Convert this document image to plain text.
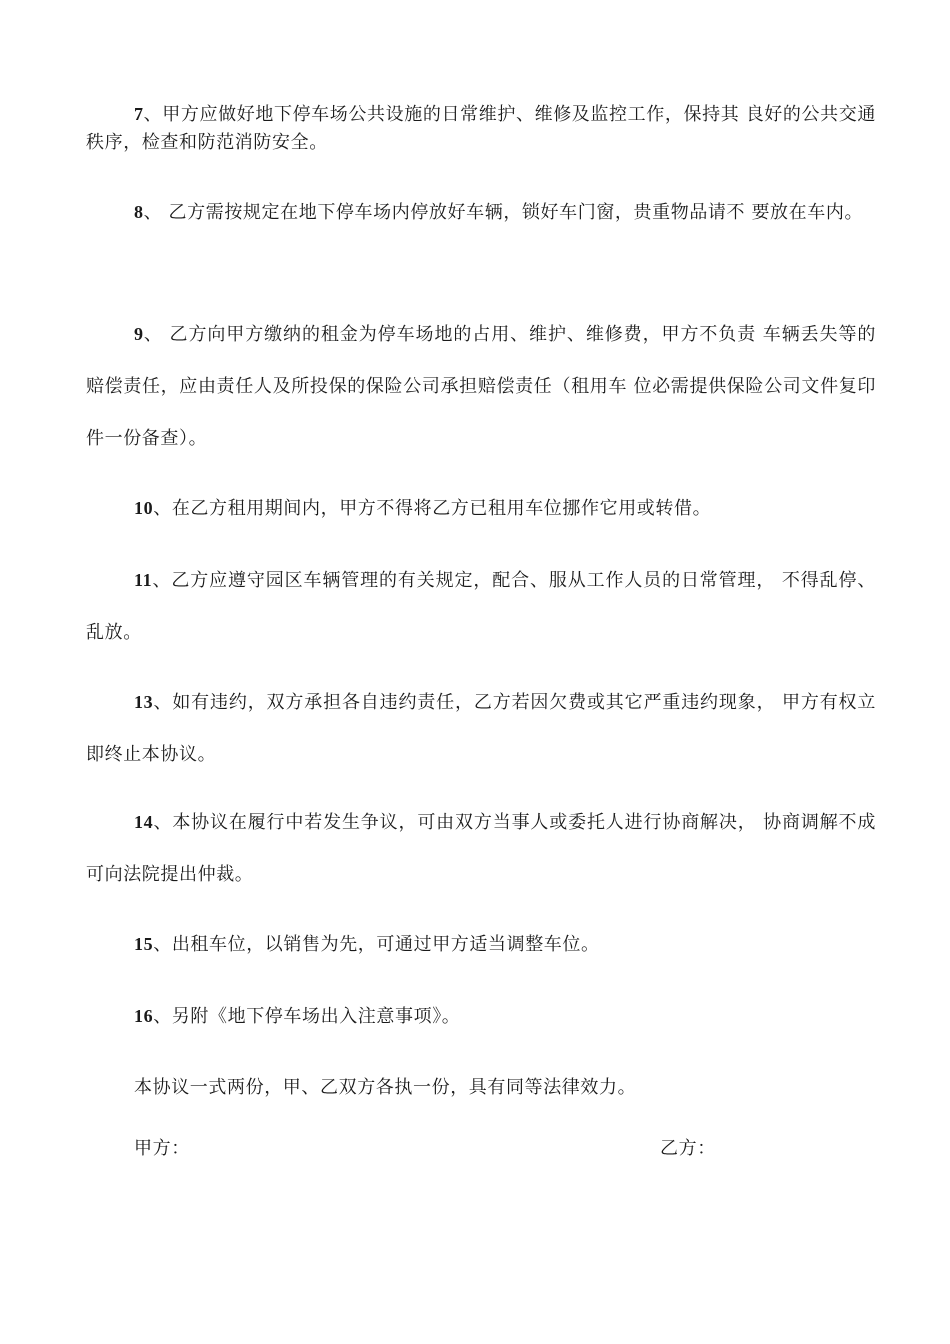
7、甲方应做好地下停车场公共设施的日常维护、维修及监控工作，保持其 良好的公共交通秩序，检查和防范消防安全。

8、 乙方需按规定在地下停车场内停放好车辆，锁好车门窗，贵重物品请不 要放在车内。

9、 乙方向甲方缴纳的租金为停车场地的占用、维护、维修费，甲方不负责 车辆丢失等的赔偿责任，应由责任人及所投保的保险公司承担赔偿责任（租用车 位必需提供保险公司文件复印件一份备查）。

10、在乙方租用期间内，甲方不得将乙方已租用车位挪作它用或转借。

11、乙方应遵守园区车辆管理的有关规定，配合、服从工作人员的日常管理， 不得乱停、乱放。

13、如有违约，双方承担各自违约责任，乙方若因欠费或其它严重违约现象， 甲方有权立即终止本协议。

14、本协议在履行中若发生争议，可由双方当事人或委托人进行协商解决， 协商调解不成可向法院提出仲裁。

15、出租车位，以销售为先，可通过甲方适当调整车位。

16、另附《地下停车场出入注意事项》。

本协议一式两份，甲、乙双方各执一份，具有同等法律效力。

甲方：	乙方：
